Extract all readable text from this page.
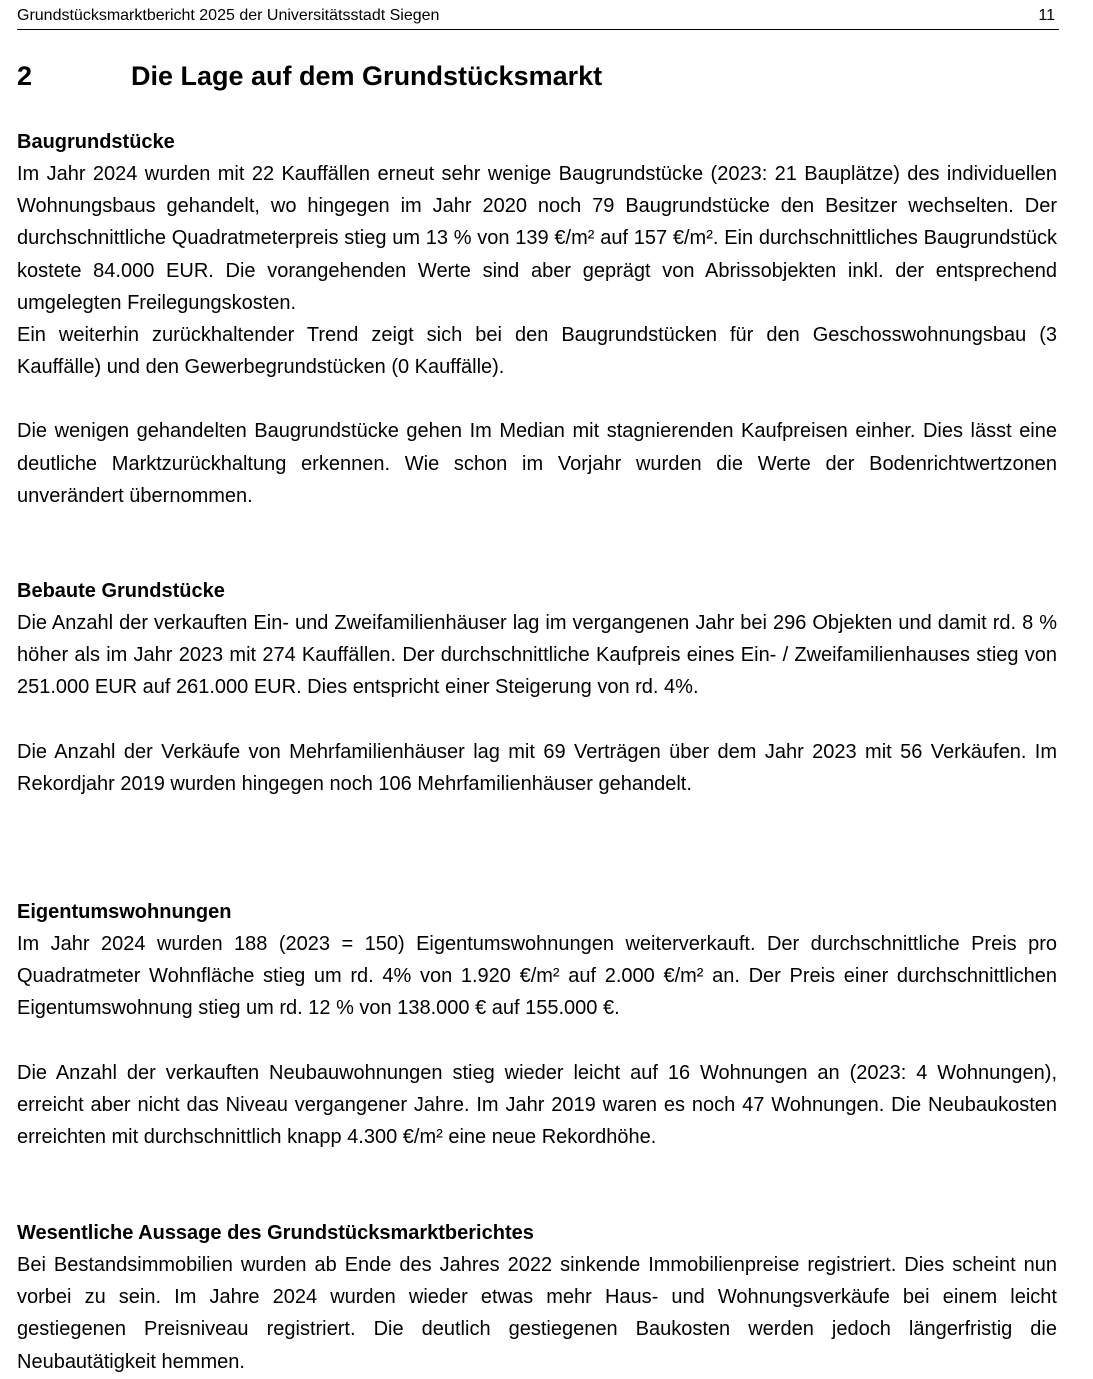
Grundstücksmarktbericht 2025 der Universitätsstadt Siegen	11
2	Die Lage auf dem Grundstücksmarkt
Baugrundstücke

Im Jahr 2024 wurden mit 22 Kauffällen erneut sehr wenige Baugrundstücke (2023: 21 Bauplätze) des individuellen Wohnungsbaus gehandelt, wo hingegen im Jahr 2020 noch 79 Baugrundstücke den Besitzer wechselten. Der durchschnittliche Quadratmeterpreis stieg um 13 % von 139 €/m² auf 157 €/m². Ein durchschnittliches Baugrundstück kostete 84.000 EUR. Die vorangehenden Werte sind aber geprägt von Abrissobjekten inkl. der entsprechend umgelegten Freilegungskosten.

Ein weiterhin zurückhaltender Trend zeigt sich bei den Baugrundstücken für den Geschosswohnungsbau (3 Kauffälle) und den Gewerbegrundstücken (0 Kauffälle).

Die wenigen gehandelten Baugrundstücke gehen Im Median mit stagnierenden Kaufpreisen einher. Dies lässt eine deutliche Marktzurückhaltung erkennen. Wie schon im Vorjahr wurden die Werte der Bodenrichtwertzonen unverändert übernommen.

Bebaute Grundstücke

Die Anzahl der verkauften Ein- und Zweifamilienhäuser lag im vergangenen Jahr bei 296 Objekten und damit rd. 8 % höher als im Jahr 2023 mit 274 Kauffällen. Der durchschnittliche Kaufpreis eines Ein- / Zweifamilienhauses stieg von 251.000 EUR auf 261.000 EUR. Dies entspricht einer Steigerung von rd. 4%.

Die Anzahl der Verkäufe von Mehrfamilienhäuser lag mit 69 Verträgen über dem Jahr 2023 mit 56 Verkäufen. Im Rekordjahr 2019 wurden hingegen noch 106 Mehrfamilienhäuser gehandelt.

Eigentumswohnungen

Im Jahr 2024 wurden 188 (2023 = 150) Eigentumswohnungen weiterverkauft. Der durchschnittliche Preis pro Quadratmeter Wohnfläche stieg um rd. 4% von 1.920 €/m² auf 2.000 €/m² an. Der Preis einer durchschnittlichen Eigentumswohnung stieg um rd. 12 % von 138.000 € auf 155.000 €.

Die Anzahl der verkauften Neubauwohnungen stieg wieder leicht auf 16 Wohnungen an (2023: 4 Wohnungen), erreicht aber nicht das Niveau vergangener Jahre. Im Jahr 2019 waren es noch 47 Wohnungen. Die Neubaukosten erreichten mit durchschnittlich knapp 4.300 €/m² eine neue Rekordhöhe.

Wesentliche Aussage des Grundstücksmarktberichtes

Bei Bestandsimmobilien wurden ab Ende des Jahres 2022 sinkende Immobilienpreise registriert. Dies scheint nun vorbei zu sein. Im Jahre 2024 wurden wieder etwas mehr Haus- und Wohnungsverkäufe bei einem leicht gestiegenen Preisniveau registriert. Die deutlich gestiegenen Baukosten werden jedoch längerfristig die Neubautätigkeit hemmen.
